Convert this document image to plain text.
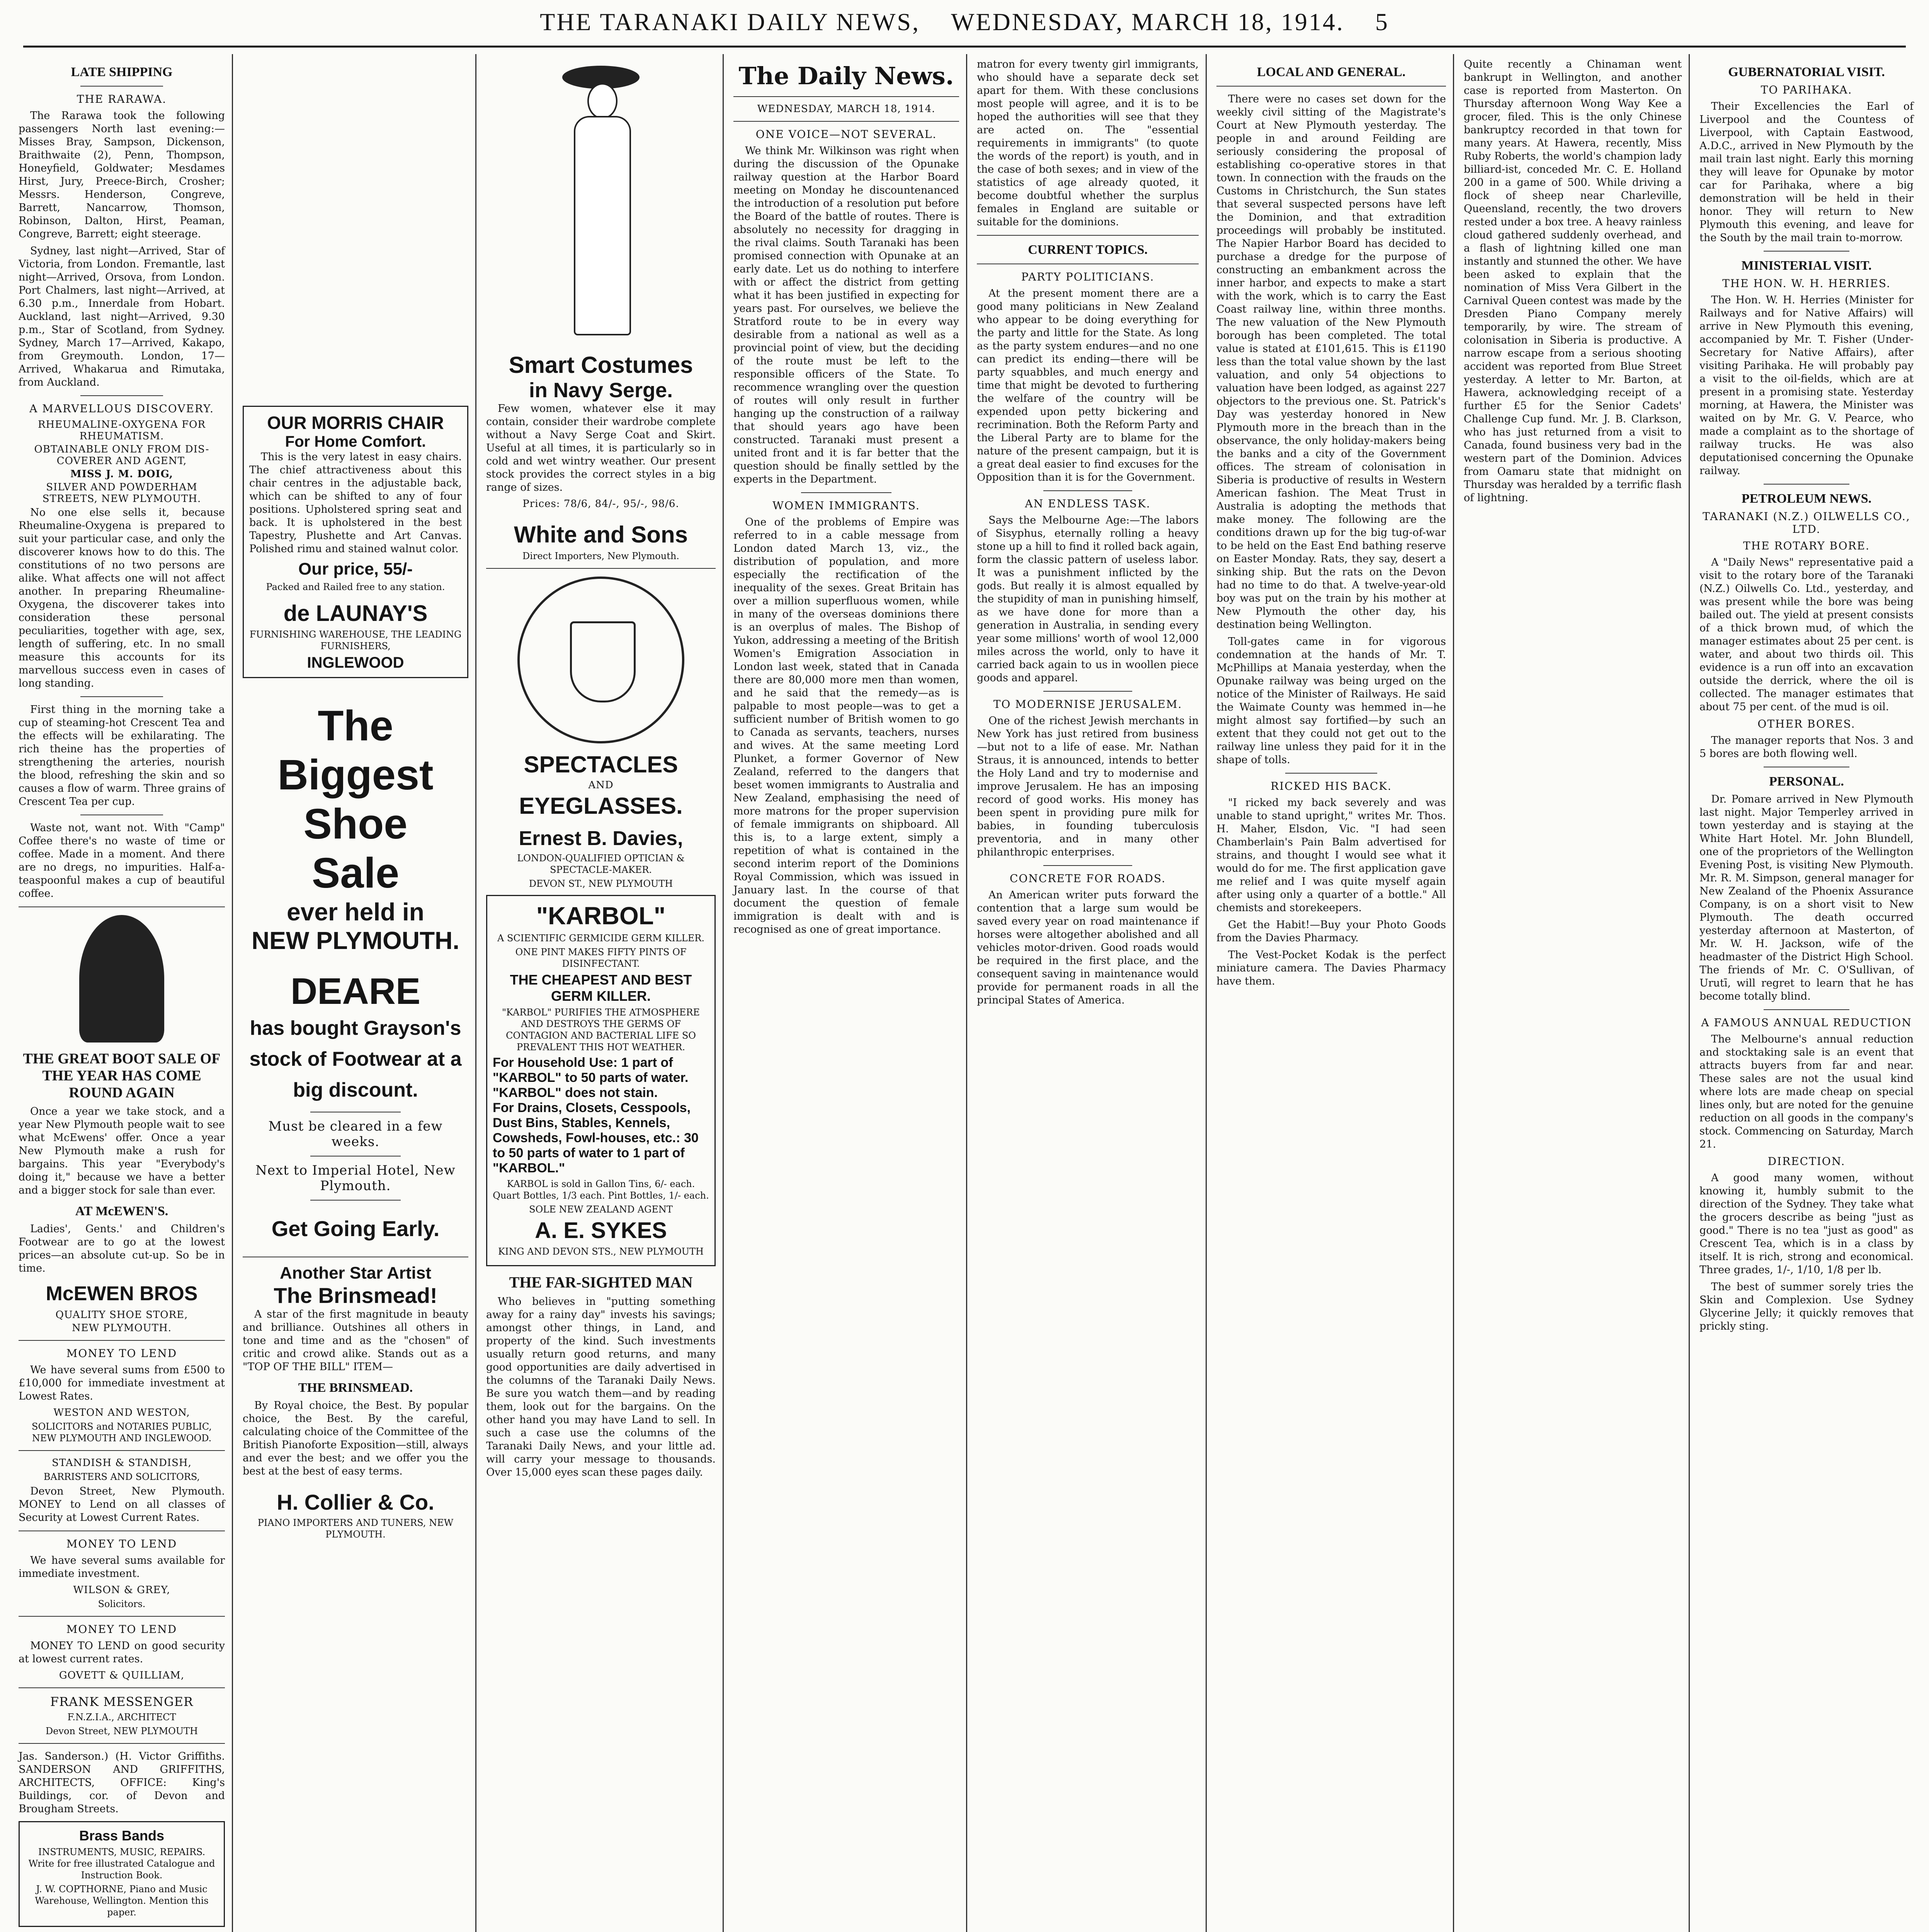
THE TARANAKI DAILY NEWS, WEDNESDAY, MARCH 18, 1914. 5
LATE SHIPPING
THE RARAWA.

The Rarawa took the following passengers North last evening:—Misses Bray, Sampson, Dickenson, Braithwaite (2), Penn, Thompson, Honeyfield, Goldwater; Mesdames Hirst, Jury, Preece-Birch, Crosher; Messrs. Henderson, Congreve, Barrett, Nancarrow, Thomson, Robinson, Dalton, Hirst, Peaman, Congreve, Barrett; eight steerage.

Sydney, last night—Arrived, Star of Victoria, from London. Fremantle, last night—Arrived, Orsova, from London. Port Chalmers, last night—Arrived, at 6.30 p.m., Innerdale from Hobart. Auckland, last night—Arrived, 9.30 p.m., Star of Scotland, from Sydney. Sydney, March 17—Arrived, Kakapo, from Greymouth. London, 17—Arrived, Whakarua and Rimutaka, from Auckland.

A MARVELLOUS DISCOVERY.
RHEUMALINE-OXYGENA FOR RHEUMATISM.
OBTAINABLE ONLY FROM DIS-COVERER AND AGENT,
MISS J. M. DOIG,
SILVER AND POWDERHAM STREETS, NEW PLYMOUTH.

No one else sells it, because Rheumaline-Oxygena is prepared to suit your particular case, and only the discoverer knows how to do this. The constitutions of no two persons are alike. What affects one will not affect another. In preparing Rheumaline-Oxygena, the discoverer takes into consideration these personal peculiarities, together with age, sex, length of suffering, etc. In no small measure this accounts for its marvellous success even in cases of long standing.

First thing in the morning take a cup of steaming-hot Crescent Tea and the effects will be exhilarating. The rich theine has the properties of strengthening the arteries, nourish the blood, refreshing the skin and so causes a flow of warm. Three grains of Crescent Tea per cup.

Waste not, want not. With "Camp" Coffee there's no waste of time or coffee. Made in a moment. And there are no dregs, no impurities. Half-a-teaspoonful makes a cup of beautiful coffee.

THE GREAT BOOT SALE OF THE YEAR HAS COME ROUND AGAIN

Once a year we take stock, and a year New Plymouth people wait to see what McEwens' offer. Once a year New Plymouth make a rush for bargains. This year "Everybody's doing it," because we have a better and a bigger stock for sale than ever.

AT McEWEN'S.

Ladies', Gents.' and Children's Footwear are to go at the lowest prices—an absolute cut-up. So be in time.

McEWEN BROS
QUALITY SHOE STORE,
NEW PLYMOUTH.
MONEY TO LEND

We have several sums from £500 to £10,000 for immediate investment at Lowest Rates.

WESTON AND WESTON,
SOLICITORS and NOTARIES PUBLIC, NEW PLYMOUTH AND INGLEWOOD.
STANDISH & STANDISH,
BARRISTERS AND SOLICITORS,

Devon Street, New Plymouth. MONEY to Lend on all classes of Security at Lowest Current Rates.

MONEY TO LEND

We have several sums available for immediate investment.

WILSON & GREY,
Solicitors.
MONEY TO LEND

MONEY TO LEND on good security at lowest current rates.

GOVETT & QUILLIAM,
FRANK MESSENGER
F.N.Z.I.A., ARCHITECT
Devon Street, NEW PLYMOUTH

Jas. Sanderson.) (H. Victor Griffiths. SANDERSON AND GRIFFITHS, ARCHITECTS, OFFICE: King's Buildings, cor. of Devon and Brougham Streets.

Brass Bands
INSTRUMENTS, MUSIC, REPAIRS. Write for free illustrated Catalogue and Instruction Book.
J. W. COPTHORNE, Piano and Music Warehouse, Wellington. Mention this paper.
OUR MORRIS CHAIR
For Home Comfort.

This is the very latest in easy chairs. The chief attractiveness about this chair centres in the adjustable back, which can be shifted to any of four positions. Upholstered spring seat and back. It is upholstered in the best Tapestry, Plushette and Art Canvas. Polished rimu and stained walnut color.

Our price, 55/-
Packed and Railed free to any station.
de LAUNAY'S
FURNISHING WAREHOUSE, THE LEADING FURNISHERS,
INGLEWOOD
The
Biggest
Shoe
Sale
ever held in
NEW PLYMOUTH.
DEARE
has bought Grayson's stock of Footwear at a big discount.
Must be cleared in a few weeks.
Next to Imperial Hotel, New Plymouth.
Get Going Early.
Another Star Artist
The Brinsmead!

A star of the first magnitude in beauty and brilliance. Outshines all others in tone and time and as the "chosen" of critic and crowd alike. Stands out as a "TOP OF THE BILL" ITEM—

THE BRINSMEAD.

By Royal choice, the Best. By popular choice, the Best. By the careful, calculating choice of the Committee of the British Pianoforte Exposition—still, always and ever the best; and we offer you the best at the best of easy terms.

H. Collier & Co.
PIANO IMPORTERS AND TUNERS, NEW PLYMOUTH.
Smart Costumes
in Navy Serge.

Few women, whatever else it may contain, consider their wardrobe complete without a Navy Serge Coat and Skirt. Useful at all times, it is particularly so in cold and wet wintry weather. Our present stock provides the correct styles in a big range of sizes.

Prices: 78/6, 84/-, 95/-, 98/6.
White and Sons
Direct Importers, New Plymouth.
SPECTACLES
AND
EYEGLASSES.
Ernest B. Davies,
LONDON-QUALIFIED OPTICIAN & SPECTACLE-MAKER.
DEVON ST., NEW PLYMOUTH
"KARBOL"
A SCIENTIFIC GERMICIDE GERM KILLER.
ONE PINT MAKES FIFTY PINTS OF DISINFECTANT.
THE CHEAPEST AND BEST GERM KILLER.
"KARBOL" PURIFIES THE ATMOSPHERE AND DESTROYS THE GERMS OF CONTAGION AND BACTERIAL LIFE SO PREVALENT THIS HOT WEATHER.
For Household Use: 1 part of "KARBOL" to 50 parts of water. "KARBOL" does not stain.
For Drains, Closets, Cesspools, Dust Bins, Stables, Kennels, Cowsheds, Fowl-houses, etc.: 30 to 50 parts of water to 1 part of "KARBOL."
KARBOL is sold in Gallon Tins, 6/- each. Quart Bottles, 1/3 each. Pint Bottles, 1/- each.
SOLE NEW ZEALAND AGENT
A. E. SYKES
KING AND DEVON STS., NEW PLYMOUTH
THE FAR-SIGHTED MAN

Who believes in "putting something away for a rainy day" invests his savings; amongst other things, in Land, and property of the kind. Such investments usually return good returns, and many good opportunities are daily advertised in the columns of the Taranaki Daily News. Be sure you watch them—and by reading them, look out for the bargains. On the other hand you may have Land to sell. In such a case use the columns of the Taranaki Daily News, and your little ad. will carry your message to thousands. Over 15,000 eyes scan these pages daily.

The Daily News.
WEDNESDAY, MARCH 18, 1914.
ONE VOICE—NOT SEVERAL.

We think Mr. Wilkinson was right when during the discussion of the Opunake railway question at the Harbor Board meeting on Monday he discountenanced the introduction of a resolution put before the Board of the battle of routes. There is absolutely no necessity for dragging in the rival claims. South Taranaki has been promised connection with Opunake at an early date. Let us do nothing to interfere with or affect the district from getting what it has been justified in expecting for years past. For ourselves, we believe the Stratford route to be in every way desirable from a national as well as a provincial point of view, but the deciding of the route must be left to the responsible officers of the State. To recommence wrangling over the question of routes will only result in further hanging up the construction of a railway that should years ago have been constructed. Taranaki must present a united front and it is far better that the question should be finally settled by the experts in the Department.

WOMEN IMMIGRANTS.

One of the problems of Empire was referred to in a cable message from London dated March 13, viz., the distribution of population, and more especially the rectification of the inequality of the sexes. Great Britain has over a million superfluous women, while in many of the overseas dominions there is an overplus of males. The Bishop of Yukon, addressing a meeting of the British Women's Emigration Association in London last week, stated that in Canada there are 80,000 more men than women, and he said that the remedy—as is palpable to most people—was to get a sufficient number of British women to go to Canada as servants, teachers, nurses and wives. At the same meeting Lord Plunket, a former Governor of New Zealand, referred to the dangers that beset women immigrants to Australia and New Zealand, emphasising the need of more matrons for the proper supervision of female immigrants on shipboard. All this is, to a large extent, simply a repetition of what is contained in the second interim report of the Dominions Royal Commission, which was issued in January last. In the course of that document the question of female immigration is dealt with and is recognised as one of great importance.

matron for every twenty girl immigrants, who should have a separate deck set apart for them. With these conclusions most people will agree, and it is to be hoped the authorities will see that they are acted on. The "essential requirements in immigrants" (to quote the words of the report) is youth, and in the case of both sexes; and in view of the statistics of age already quoted, it become doubtful whether the surplus females in England are suitable or suitable for the dominions.

CURRENT TOPICS.
PARTY POLITICIANS.

At the present moment there are a good many politicians in New Zealand who appear to be doing everything for the party and little for the State. As long as the party system endures—and no one can predict its ending—there will be party squabbles, and much energy and time that might be devoted to furthering the welfare of the country will be expended upon petty bickering and recrimination. Both the Reform Party and the Liberal Party are to blame for the nature of the present campaign, but it is a great deal easier to find excuses for the Opposition than it is for the Government.

AN ENDLESS TASK.

Says the Melbourne Age:—The labors of Sisyphus, eternally rolling a heavy stone up a hill to find it rolled back again, form the classic pattern of useless labor. It was a punishment inflicted by the gods. But really it is almost equalled by the stupidity of man in punishing himself, as we have done for more than a generation in Australia, in sending every year some millions' worth of wool 12,000 miles across the world, only to have it carried back again to us in woollen piece goods and apparel.

TO MODERNISE JERUSALEM.

One of the richest Jewish merchants in New York has just retired from business—but not to a life of ease. Mr. Nathan Straus, it is announced, intends to better the Holy Land and try to modernise and improve Jerusalem. He has an imposing record of good works. His money has been spent in providing pure milk for babies, in founding tuberculosis preventoria, and in many other philanthropic enterprises.

CONCRETE FOR ROADS.

An American writer puts forward the contention that a large sum would be saved every year on road maintenance if horses were altogether abolished and all vehicles motor-driven. Good roads would be required in the first place, and the consequent saving in maintenance would provide for permanent roads in all the principal States of America.

LOCAL AND GENERAL.

There were no cases set down for the weekly civil sitting of the Magistrate's Court at New Plymouth yesterday. The people in and around Feilding are seriously considering the proposal of establishing co-operative stores in that town. In connection with the frauds on the Customs in Christchurch, the Sun states that several suspected persons have left the Dominion, and that extradition proceedings will probably be instituted. The Napier Harbor Board has decided to purchase a dredge for the purpose of constructing an embankment across the inner harbor, and expects to make a start with the work, which is to carry the East Coast railway line, within three months. The new valuation of the New Plymouth borough has been completed. The total value is stated at £101,615. This is £1190 less than the total value shown by the last valuation, and only 54 objections to valuation have been lodged, as against 227 objectors to the previous one. St. Patrick's Day was yesterday honored in New Plymouth more in the breach than in the observance, the only holiday-makers being the banks and a city of the Government offices. The stream of colonisation in Siberia is productive of results in Western American fashion. The Meat Trust in Australia is adopting the methods that make money. The following are the conditions drawn up for the big tug-of-war to be held on the East End bathing reserve on Easter Monday. Rats, they say, desert a sinking ship. But the rats on the Devon had no time to do that. A twelve-year-old boy was put on the train by his mother at New Plymouth the other day, his destination being Wellington.

Toll-gates came in for vigorous condemnation at the hands of Mr. T. McPhillips at Manaia yesterday, when the Opunake railway was being urged on the notice of the Minister of Railways. He said the Waimate County was hemmed in—he might almost say fortified—by such an extent that they could not get out to the railway line unless they paid for it in the shape of tolls.

RICKED HIS BACK.

"I ricked my back severely and was unable to stand upright," writes Mr. Thos. H. Maher, Elsdon, Vic. "I had seen Chamberlain's Pain Balm advertised for strains, and thought I would see what it would do for me. The first application gave me relief and I was quite myself again after using only a quarter of a bottle." All chemists and storekeepers.

Get the Habit!—Buy your Photo Goods from the Davies Pharmacy.

The Vest-Pocket Kodak is the perfect miniature camera. The Davies Pharmacy have them.

Quite recently a Chinaman went bankrupt in Wellington, and another case is reported from Masterton. On Thursday afternoon Wong Way Kee a grocer, filed. This is the only Chinese bankruptcy recorded in that town for many years. At Hawera, recently, Miss Ruby Roberts, the world's champion lady billiard-ist, conceded Mr. C. E. Holland 200 in a game of 500. While driving a flock of sheep near Charleville, Queensland, recently, the two drovers rested under a box tree. A heavy rainless cloud gathered suddenly overhead, and a flash of lightning killed one man instantly and stunned the other. We have been asked to explain that the nomination of Miss Vera Gilbert in the Carnival Queen contest was made by the Dresden Piano Company merely temporarily, by wire. The stream of colonisation in Siberia is productive. A narrow escape from a serious shooting accident was reported from Blue Street yesterday. A letter to Mr. Barton, at Hawera, acknowledging receipt of a further £5 for the Senior Cadets' Challenge Cup fund. Mr. J. B. Clarkson, who has just returned from a visit to Canada, found business very bad in the western part of the Dominion. Advices from Oamaru state that midnight on Thursday was heralded by a terrific flash of lightning.

GUBERNATORIAL VISIT.
TO PARIHAKA.

Their Excellencies the Earl of Liverpool and the Countess of Liverpool, with Captain Eastwood, A.D.C., arrived in New Plymouth by the mail train last night. Early this morning they will leave for Opunake by motor car for Parihaka, where a big demonstration will be held in their honor. They will return to New Plymouth this evening, and leave for the South by the mail train to-morrow.

MINISTERIAL VISIT.
THE HON. W. H. HERRIES.

The Hon. W. H. Herries (Minister for Railways and for Native Affairs) will arrive in New Plymouth this evening, accompanied by Mr. T. Fisher (Under-Secretary for Native Affairs), after visiting Parihaka. He will probably pay a visit to the oil-fields, which are at present in a promising state. Yesterday morning, at Hawera, the Minister was waited on by Mr. G. V. Pearce, who made a complaint as to the shortage of railway trucks. He was also deputationised concerning the Opunake railway.

PETROLEUM NEWS.
TARANAKI (N.Z.) OILWELLS CO., LTD.
THE ROTARY BORE.

A "Daily News" representative paid a visit to the rotary bore of the Taranaki (N.Z.) Oilwells Co. Ltd., yesterday, and was present while the bore was being bailed out. The yield at present consists of a thick brown mud, of which the manager estimates about 25 per cent. is water, and about two thirds oil. This evidence is a run off into an excavation outside the derrick, where the oil is collected. The manager estimates that about 75 per cent. of the mud is oil.

OTHER BORES.

The manager reports that Nos. 3 and 5 bores are both flowing well.

PERSONAL.

Dr. Pomare arrived in New Plymouth last night. Major Temperley arrived in town yesterday and is staying at the White Hart Hotel. Mr. John Blundell, one of the proprietors of the Wellington Evening Post, is visiting New Plymouth. Mr. R. M. Simpson, general manager for New Zealand of the Phoenix Assurance Company, is on a short visit to New Plymouth. The death occurred yesterday afternoon at Masterton, of Mr. W. H. Jackson, wife of the headmaster of the District High School. The friends of Mr. C. O'Sullivan, of Urutī, will regret to learn that he has become totally blind.

A FAMOUS ANNUAL REDUCTION

The Melbourne's annual reduction and stocktaking sale is an event that attracts buyers from far and near. These sales are not the usual kind where lots are made cheap on special lines only, but are noted for the genuine reduction on all goods in the company's stock. Commencing on Saturday, March 21.

DIRECTION.

A good many women, without knowing it, humbly submit to the direction of the Sydney. They take what the grocers describe as being "just as good." There is no tea "just as good" as Crescent Tea, which is in a class by itself. It is rich, strong and economical. Three grades, 1/-, 1/10, 1/8 per lb.

The best of summer sorely tries the Skin and Complexion. Use Sydney Glycerine Jelly; it quickly removes that prickly sting.
